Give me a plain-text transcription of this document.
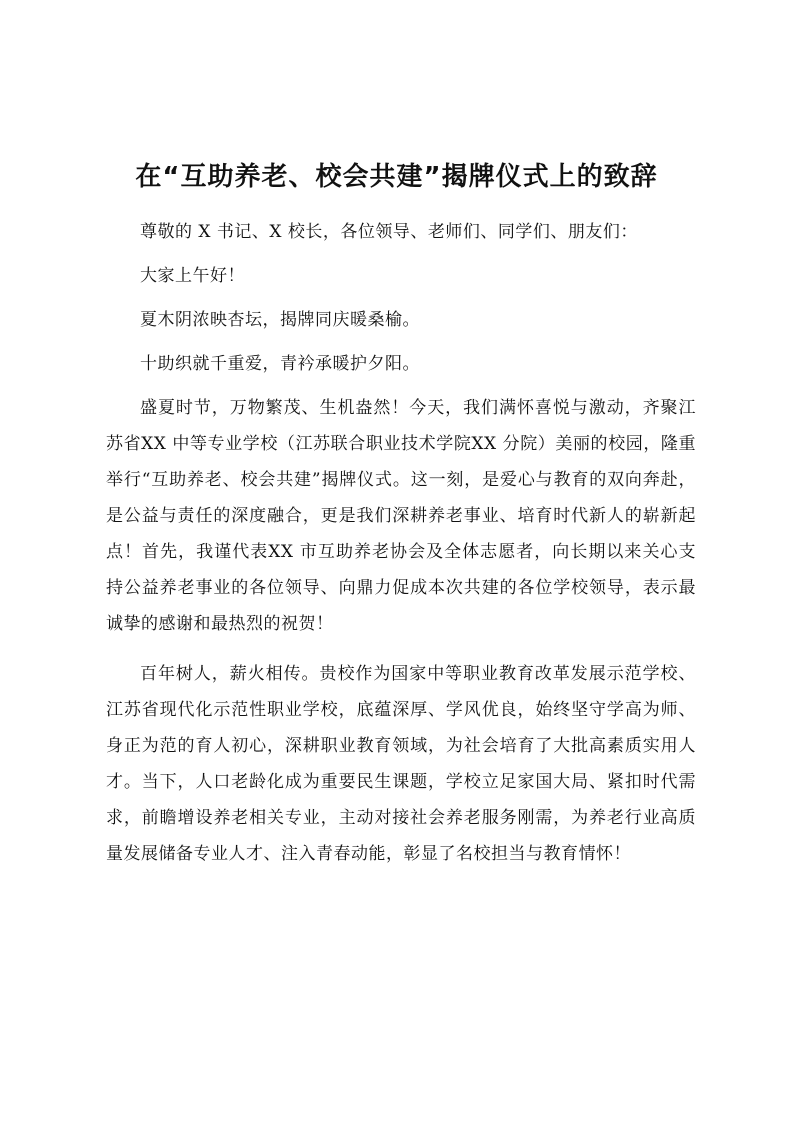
在“互助养老、校会共建”揭牌仪式上的致辞

尊敬的 X 书记、X 校长，各位领导、老师们、同学们、朋友们：

大家上午好！

夏木阴浓映杏坛，揭牌同庆暖桑榆。

十助织就千重爱，青衿承暖护夕阳。

盛夏时节，万物繁茂、生机盎然！今天，我们满怀喜悦与激动，齐聚江苏省XX 中等专业学校（江苏联合职业技术学院XX 分院）美丽的校园，隆重举行“互助养老、校会共建”揭牌仪式。这一刻，是爱心与教育的双向奔赴，是公益与责任的深度融合，更是我们深耕养老事业、培育时代新人的崭新起点！首先，我谨代表XX 市互助养老协会及全体志愿者，向长期以来关心支持公益养老事业的各位领导、向鼎力促成本次共建的各位学校领导，表示最诚挚的感谢和最热烈的祝贺！

百年树人，薪火相传。贵校作为国家中等职业教育改革发展示范学校、江苏省现代化示范性职业学校，底蕴深厚、学风优良，始终坚守学高为师、身正为范的育人初心，深耕职业教育领域，为社会培育了大批高素质实用人才。当下，人口老龄化成为重要民生课题，学校立足家国大局、紧扣时代需求，前瞻增设养老相关专业，主动对接社会养老服务刚需，为养老行业高质量发展储备专业人才、注入青春动能，彰显了名校担当与教育情怀！
